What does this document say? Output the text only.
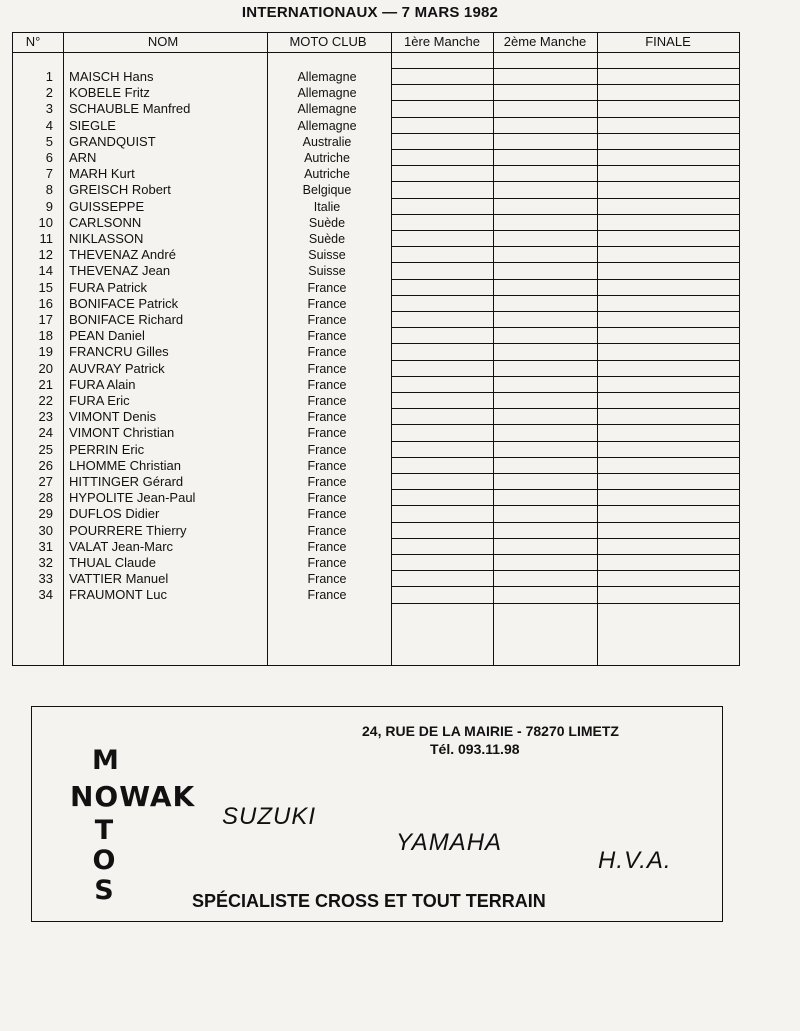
INTERNATIONAUX — 7 MARS 1982
N°	NOM	MOTO CLUB	1ère Manche	2ème Manche	FINALE
1 MAISCH Hans	Allemagne
2 KOBELE Fritz	Allemagne
3 SCHAUBLE Manfred	Allemagne
4 SIEGLE	Allemagne
5 GRANDQUIST	Australie
6 ARN	Autriche
7 MARH Kurt	Autriche
8 GREISCH Robert	Belgique
9 GUISSEPPE	Italie
10 CARLSONN	Suède
11 NIKLASSON	Suède
12 THEVENAZ André	Suisse
14 THEVENAZ Jean	Suisse
15 FURA Patrick	France
16 BONIFACE Patrick	France
17 BONIFACE Richard	France
18 PEAN Daniel	France
19 FRANCRU Gilles	France
20 AUVRAY Patrick	France
21 FURA Alain	France
22 FURA Eric	France
23 VIMONT Denis	France
24 VIMONT Christian	France
25 PERRIN Eric	France
26 LHOMME Christian	France
27 HITTINGER Gérard	France
28 HYPOLITE Jean-Paul	France
29 DUFLOS Didier	France
30 POURRERE Thierry	France
31 VALAT Jean-Marc	France
32 THUAL Claude	France
33 VATTIER Manuel	France
34 FRAUMONT Luc	France
24, RUE DE LA MAIRIE - 78270 LIMETZ
Tél. 093.11.98
M
NOWAK
T
O
S
SUZUKI
YAMAHA
H.V.A.
SPÉCIALISTE CROSS ET TOUT TERRAIN
